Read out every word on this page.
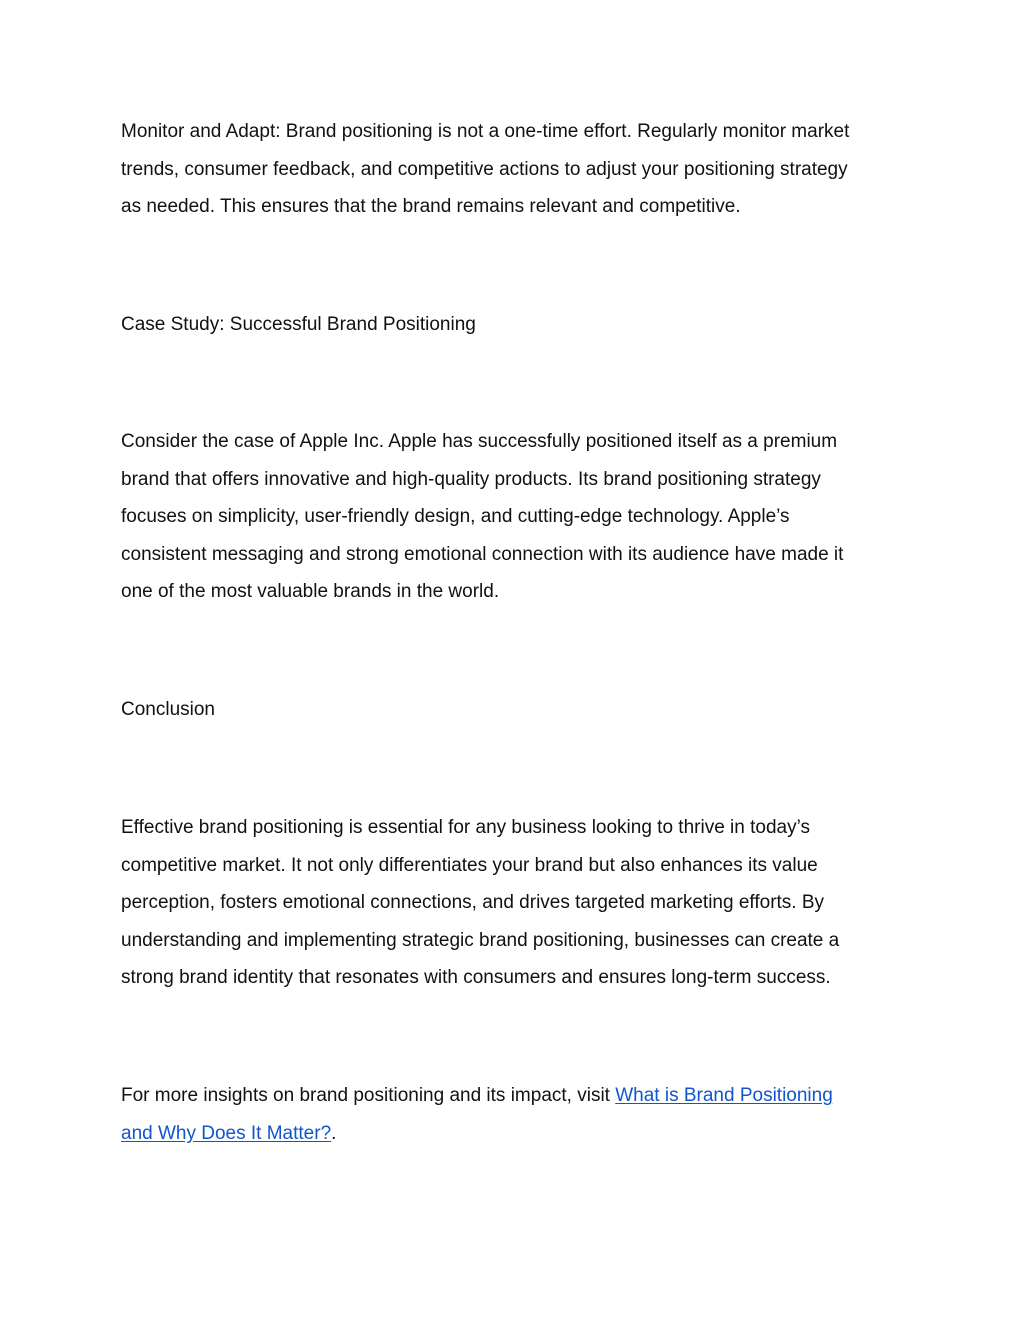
Monitor and Adapt: Brand positioning is not a one-time effort. Regularly monitor market
trends, consumer feedback, and competitive actions to adjust your positioning strategy
as needed. This ensures that the brand remains relevant and competitive.

Case Study: Successful Brand Positioning

Consider the case of Apple Inc. Apple has successfully positioned itself as a premium
brand that offers innovative and high-quality products. Its brand positioning strategy
focuses on simplicity, user-friendly design, and cutting-edge technology. Apple’s
consistent messaging and strong emotional connection with its audience have made it
one of the most valuable brands in the world.

Conclusion

Effective brand positioning is essential for any business looking to thrive in today’s
competitive market. It not only differentiates your brand but also enhances its value
perception, fosters emotional connections, and drives targeted marketing efforts. By
understanding and implementing strategic brand positioning, businesses can create a
strong brand identity that resonates with consumers and ensures long-term success.

For more insights on brand positioning and its impact, visit What is Brand Positioning
and Why Does It Matter?.
